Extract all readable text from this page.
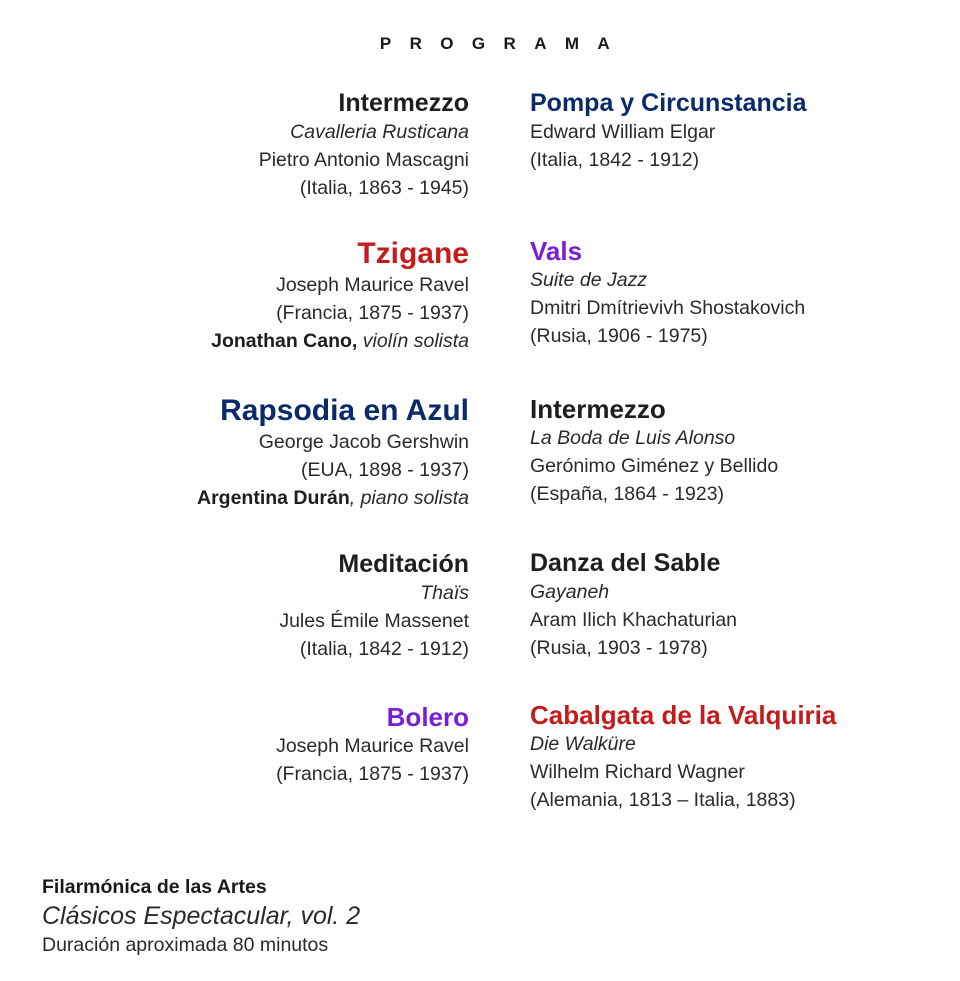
PROGRAMA
Intermezzo
Cavalleria Rusticana
Pietro Antonio Mascagni
(Italia, 1863 - 1945)
Pompa y Circunstancia
Edward William Elgar
(Italia, 1842 - 1912)
Tzigane
Joseph Maurice Ravel
(Francia, 1875 - 1937)
Jonathan Cano, violín solista
Vals
Suite de Jazz
Dmitri Dmítrievivh Shostakovich
(Rusia, 1906 - 1975)
Rapsodia en Azul
George Jacob Gershwin
(EUA, 1898 - 1937)
Argentina Durán, piano solista
Intermezzo
La Boda de Luis Alonso
Gerónimo Giménez y Bellido
(España, 1864 - 1923)
Meditación
Thaïs
Jules Émile Massenet
(Italia, 1842 - 1912)
Danza del Sable
Gayaneh
Aram Ilich Khachaturian
(Rusia, 1903 - 1978)
Bolero
Joseph Maurice Ravel
(Francia, 1875 - 1937)
Cabalgata de la Valquiria
Die Walküre
Wilhelm Richard Wagner
(Alemania, 1813 – Italia, 1883)
Filarmónica de las Artes
Clásicos Espectacular, vol. 2
Duración aproximada 80 minutos
